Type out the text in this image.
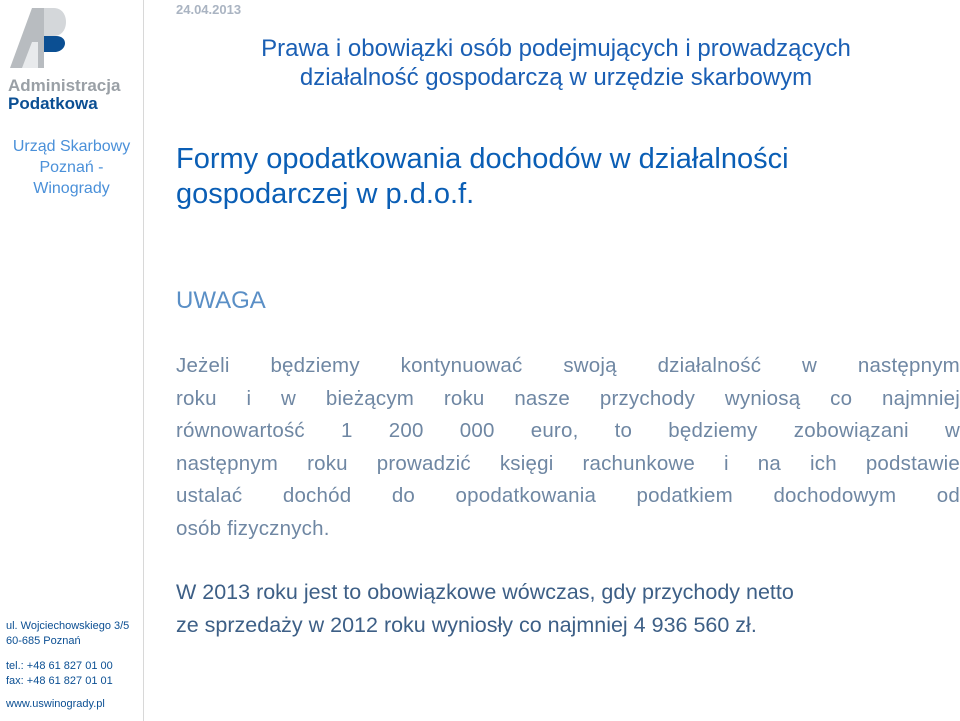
Administracja
Podatkowa
Urząd Skarbowy
Poznań -
Winogrady
ul. Wojciechowskiego 3/5
60-685 Poznań
tel.: +48 61 827 01 00
fax: +48 61 827 01 01
www.uswinogrady.pl
24.04.2013
Prawa i obowiązki osób podejmujących i prowadzących
działalność gospodarczą w urzędzie skarbowym
Formy opodatkowania dochodów w działalności
gospodarczej w p.d.o.f.
UWAGA
Jeżeli będziemy kontynuować swoją działalność w następnym
roku i w bieżącym roku nasze przychody wyniosą co najmniej
równowartość 1 200 000 euro, to będziemy zobowiązani w
następnym roku prowadzić księgi rachunkowe i na ich podstawie
ustalać dochód do opodatkowania podatkiem dochodowym od
osób fizycznych.
W 2013 roku jest to obowiązkowe wówczas, gdy przychody netto
ze sprzedaży w 2012 roku wyniosły co najmniej 4 936 560 zł.
